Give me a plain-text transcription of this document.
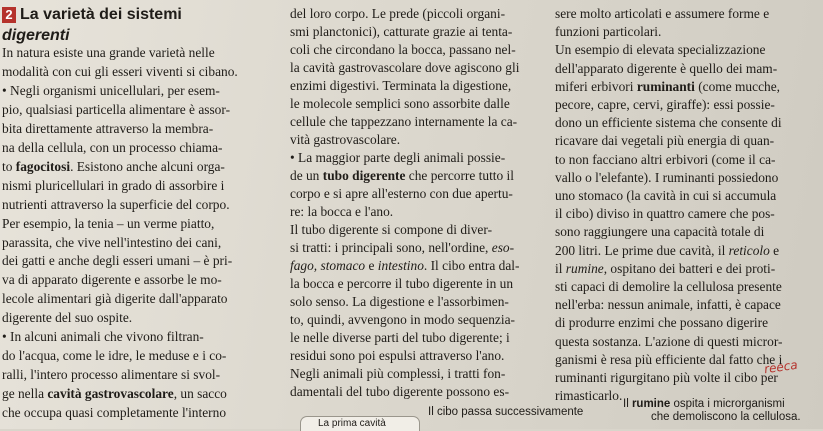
2 La varietà dei sistemi
digerenti
In natura esiste una grande varietà nelle
modalità con cui gli esseri viventi si cibano.
• Negli organismi unicellulari, per esem-
pio, qualsiasi particella alimentare è assor-
bita direttamente attraverso la membra-
na della cellula, con un processo chiama-
to fagocitosi. Esistono anche alcuni orga-
nismi pluricellulari in grado di assorbire i
nutrienti attraverso la superficie del corpo.
Per esempio, la tenia – un verme piatto,
parassita, che vive nell'intestino dei cani,
dei gatti e anche degli esseri umani – è pri-
va di apparato digerente e assorbe le mo-
lecole alimentari già digerite dall'apparato
digerente del suo ospite.
• In alcuni animali che vivono filtran-
do l'acqua, come le idre, le meduse e i co-
ralli, l'intero processo alimentare si svol-
ge nella cavità gastrovascolare, un sacco
che occupa quasi completamente l'interno
del loro corpo. Le prede (piccoli organi-
smi planctonici), catturate grazie ai tenta-
coli che circondano la bocca, passano nel-
la cavità gastrovascolare dove agiscono gli
enzimi digestivi. Terminata la digestione,
le molecole semplici sono assorbite dalle
cellule che tappezzano internamente la ca-
vità gastrovascolare.
• La maggior parte degli animali possie-
de un tubo digerente che percorre tutto il
corpo e si apre all'esterno con due apertu-
re: la bocca e l'ano.
Il tubo digerente si compone di diver-
si tratti: i principali sono, nell'ordine, eso-
fago, stomaco e intestino. Il cibo entra dal-
la bocca e percorre il tubo digerente in un
solo senso. La digestione e l'assorbimen-
to, quindi, avvengono in modo sequenzia-
le nelle diverse parti del tubo digerente; i
residui sono poi espulsi attraverso l'ano.
Negli animali più complessi, i tratti fon-
damentali del tubo digerente possono es-
sere molto articolati e assumere forme e
funzioni particolari.
Un esempio di elevata specializzazione
dell'apparato digerente è quello dei mam-
miferi erbivori ruminanti (come mucche,
pecore, capre, cervi, giraffe): essi possie-
dono un efficiente sistema che consente di
ricavare dai vegetali più energia di quan-
to non facciano altri erbivori (come il ca-
vallo o l'elefante). I ruminanti possiedono
uno stomaco (la cavità in cui si accumula
il cibo) diviso in quattro camere che pos-
sono raggiungere una capacità totale di
200 litri. Le prime due cavità, il reticolo e
il rumine, ospitano dei batteri e dei proti-
sti capaci di demolire la cellulosa presente
nell'erba: nessun animale, infatti, è capace
di produrre enzimi che possano digerire
questa sostanza. L'azione di questi micror-
ganismi è resa più efficiente dal fatto che i
ruminanti rigurgitano più volte il cibo per
rimasticarlo.
La prima cavità
Il cibo passa successivamente
Il rumine ospita i microrganismi
che demoliscono la cellulosa.
reeca
